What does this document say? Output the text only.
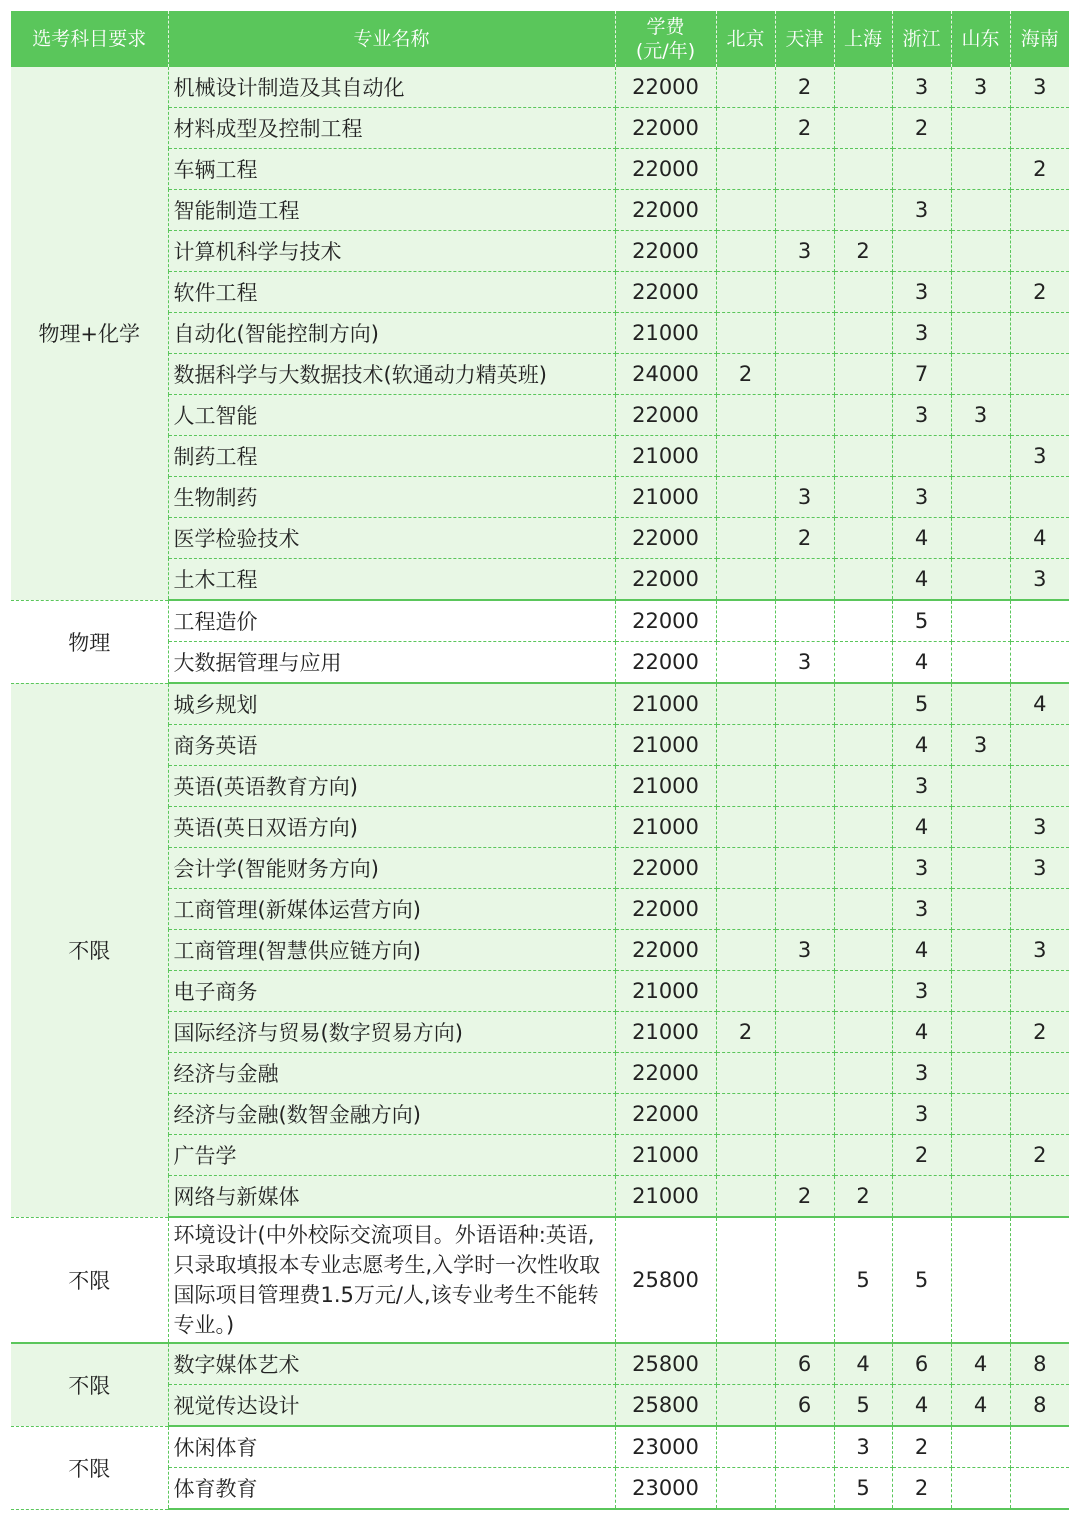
选考科目要求	专业名称	学费
(元/年)	北京	天津	上海	浙江	山东	海南
物理+化学	机械设计制造及其自动化	22000		2		3	3	3
	材料成型及控制工程	22000		2		2		
	车辆工程	22000						2
	智能制造工程	22000				3		
	计算机科学与技术	22000		3	2			
	软件工程	22000				3		2
	自动化(智能控制方向)	21000				3		
	数据科学与大数据技术(软通动力精英班)	24000	2			7		
	人工智能	22000				3	3	
	制药工程	21000						3
	生物制药	21000		3		3		
	医学检验技术	22000		2		4		4
	土木工程	22000				4		3
物理	工程造价	22000				5		
	大数据管理与应用	22000		3		4		
不限	城乡规划	21000				5		4
	商务英语	21000				4	3	
	英语(英语教育方向)	21000				3		
	英语(英日双语方向)	21000				4		3
	会计学(智能财务方向)	22000				3		3
	工商管理(新媒体运营方向)	22000				3		
	工商管理(智慧供应链方向)	22000		3		4		3
	电子商务	21000				3		
	国际经济与贸易(数字贸易方向)	21000	2			4		2
	经济与金融	22000				3		
	经济与金融(数智金融方向)	22000				3		
	广告学	21000				2		2
	网络与新媒体	21000		2	2			
不限	环境设计(中外校际交流项目。外语语种:英语,只录取填报本专业志愿考生,入学时一次性收取国际项目管理费1.5万元/人,该专业考生不能转专业。)	25800			5	5		
不限	数字媒体艺术	25800		6	4	6	4	8
	视觉传达设计	25800		6	5	4	4	8
不限	休闲体育	23000			3	2		
	体育教育	23000			5	2		
